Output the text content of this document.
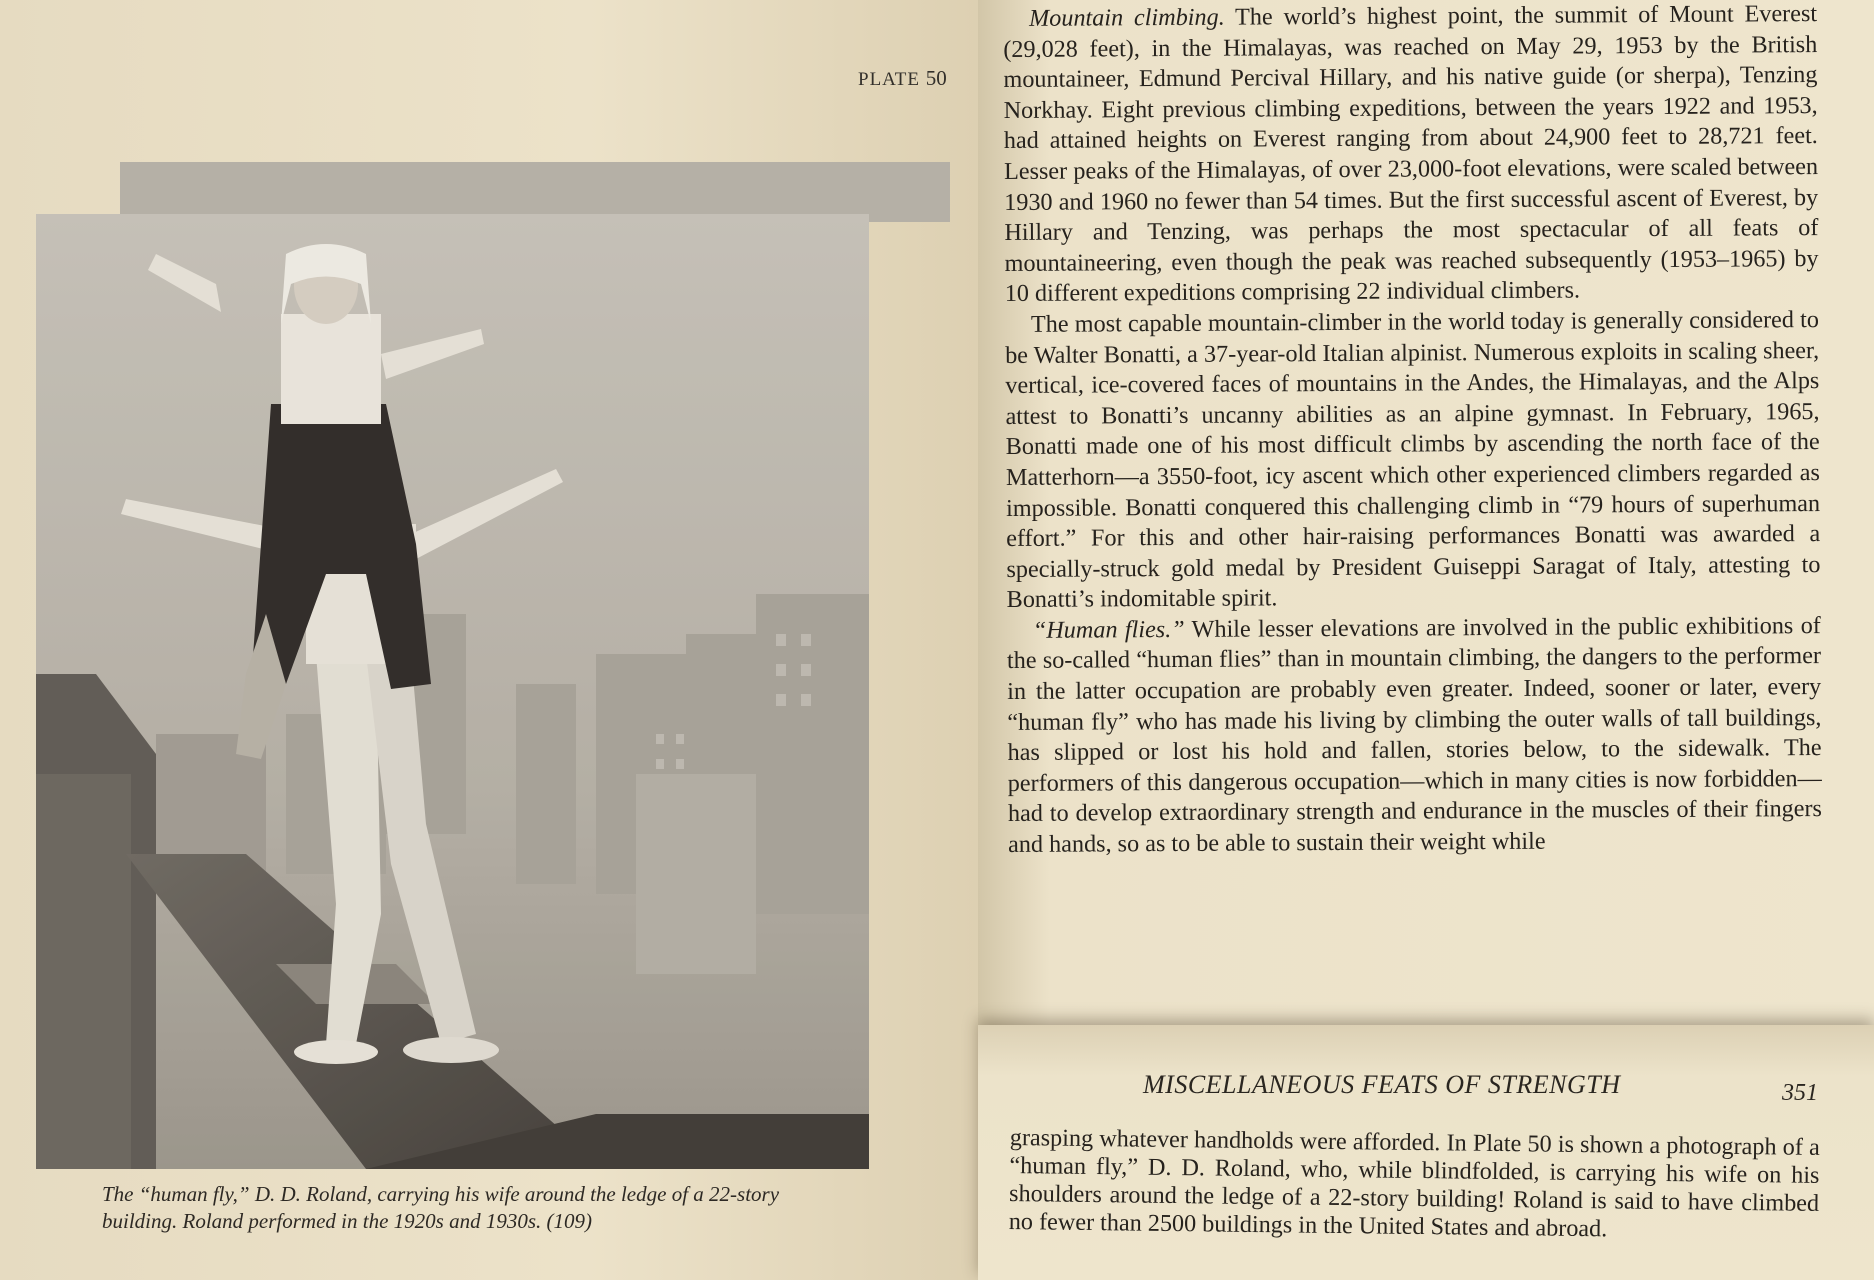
PLATE 50
The “human fly,” D. D. Roland, carrying his wife around the ledge of a 22-story building. Roland performed in the 1920s and 1930s. (109)

Mountain climbing. The world’s highest point, the summit of Mount Everest (29,028 feet), in the Himalayas, was reached on May 29, 1953 by the British mountaineer, Edmund Percival Hillary, and his native guide (or sherpa), Tenzing Norkhay. Eight previous climbing expeditions, between the years 1922 and 1953, had attained heights on Everest ranging from about 24,900 feet to 28,721 feet. Lesser peaks of the Himalayas, of over 23,000-foot elevations, were scaled between 1930 and 1960 no fewer than 54 times. But the first successful ascent of Everest, by Hillary and Tenzing, was perhaps the most spectacular of all feats of mountaineering, even though the peak was reached subsequently (1953–1965) by 10 different expeditions comprising 22 individual climbers.

The most capable mountain-climber in the world today is generally considered to be Walter Bonatti, a 37-year-old Italian alpinist. Numerous exploits in scaling sheer, vertical, ice-covered faces of mountains in the Andes, the Himalayas, and the Alps attest to Bonatti’s uncanny abilities as an alpine gymnast. In February, 1965, Bonatti made one of his most difficult climbs by ascending the north face of the Matterhorn—a 3550-foot, icy ascent which other experienced climbers regarded as impossible. Bonatti conquered this challenging climb in “79 hours of superhuman effort.” For this and other hair-raising performances Bonatti was awarded a specially-struck gold medal by President Guiseppi Saragat of Italy, attesting to Bonatti’s indomitable spirit.

“Human flies.” While lesser elevations are involved in the public exhibitions of the so-called “human flies” than in mountain climbing, the dangers to the performer in the latter occupation are probably even greater. Indeed, sooner or later, every “human fly” who has made his living by climbing the outer walls of tall buildings, has slipped or lost his hold and fallen, stories below, to the sidewalk. The performers of this dangerous occupation—which in many cities is now forbidden—had to develop extraordinary strength and endurance in the muscles of their fingers and hands, so as to be able to sustain their weight while

MISCELLANEOUS FEATS OF STRENGTH	351

grasping whatever handholds were afforded. In Plate 50 is shown a photograph of a “human fly,” D. D. Roland, who, while blindfolded, is carrying his wife on his shoulders around the ledge of a 22-story building! Roland is said to have climbed no fewer than 2500 buildings in the United States and abroad.
